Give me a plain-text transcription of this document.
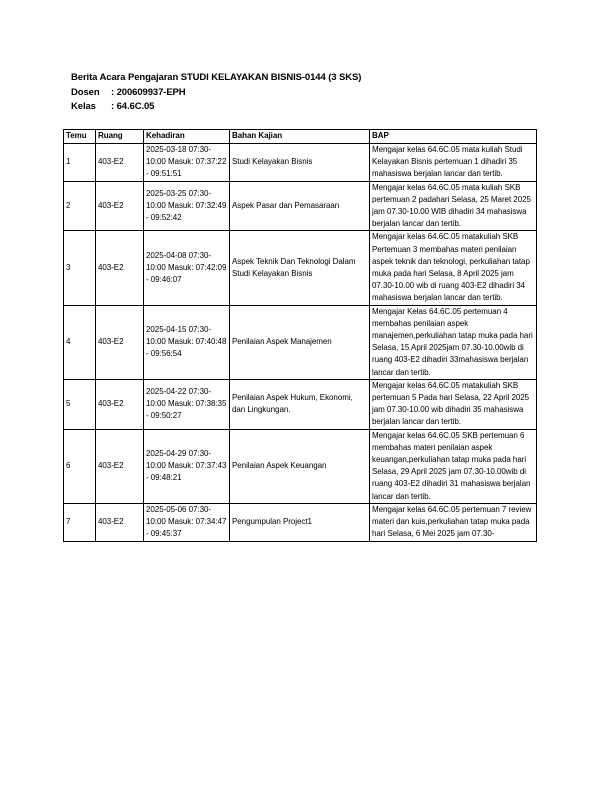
Berita Acara Pengajaran STUDI KELAYAKAN BISNIS-0144 (3 SKS)
Dosen : 200609937-EPH
Kelas : 64.6C.05
Temu	Ruang	Kehadiran	Bahan Kajian	BAP
1	403-E2	2025-03-18 07:30-10:00 Masuk: 07:37:22 - 09:51:51	Studi Kelayakan Bisnis	Mengajar kelas 64.6C.05 mata kuliah Studi Kelayakan Bisnis pertemuan 1 dihadiri 35 mahasiswa berjalan lancar dan tertib.
2	403-E2	2025-03-25 07:30-10:00 Masuk: 07:32:49 - 09:52:42	Aspek Pasar dan Pemasaraan	Mengajar kelas 64.6C.05 mata kuliah SKB pertemuan 2 padahari Selasa, 25 Maret 2025 jam 07.30-10.00 WIB dihadiri 34 mahasiswa berjalan lancar dan tertib.
3	403-E2	2025-04-08 07:30-10:00 Masuk: 07:42:09 - 09:46:07	Aspek Teknik Dan Teknologi Dalam Studi Kelayakan Bisnis	Mengajar kelas 64.6C.05 matakuliah SKB Pertemuan 3 membahas materi penilaian aspek teknik dan teknologi, perkuliahan tatap muka pada hari Selasa, 8 April 2025 jam 07.30-10.00 wib di ruang 403-E2 dihadiri 34 mahasiswa berjalan lancar dan tertib.
4	403-E2	2025-04-15 07:30-10:00 Masuk: 07:40:48 - 09:56:54	Penilaian Aspek Manajemen	Mengajar Kelas 64.6C.05 pertemuan 4 membahas penilaian aspek manajemen,perkuliahan tatap muka pada hari Selasa, 15 April 2025jam 07.30-10.00wib di ruang 403-E2 dihadiri 33mahasiswa berjalan lancar dan tertib.
5	403-E2	2025-04-22 07:30-10:00 Masuk: 07:38:35 - 09:50:27	Penilaian Aspek Hukum, Ekonomi, dan Lingkungan.	Mengajar kelas 64.6C.05 matakuliah SKB pertemuan 5 Pada hari Selasa, 22 April 2025 jam 07.30-10.00 wib dihadiri 35 mahasiswa berjalan lancar dan tertib.
6	403-E2	2025-04-29 07:30-10:00 Masuk: 07:37:43 - 09:48:21	Penilaian Aspek Keuangan	Mengajar kelas 64.6C.05 SKB pertemuan 6 membahas materi penilaian aspek keuangan,perkuliahan tatap muka pada hari Selasa, 29 April 2025 jam 07.30-10.00wib di ruang 403-E2 dihadiri 31 mahasiswa berjalan lancar dan tertib.
7	403-E2	2025-05-06 07:30-10:00 Masuk: 07:34:47 - 09:45:37	Pengumpulan Project1	Mengajar kelas 64.6C.05 pertemuan 7 review materi dan kuis,perkuliahan tatap muka pada hari Selasa, 6 Mei 2025 jam 07.30-
